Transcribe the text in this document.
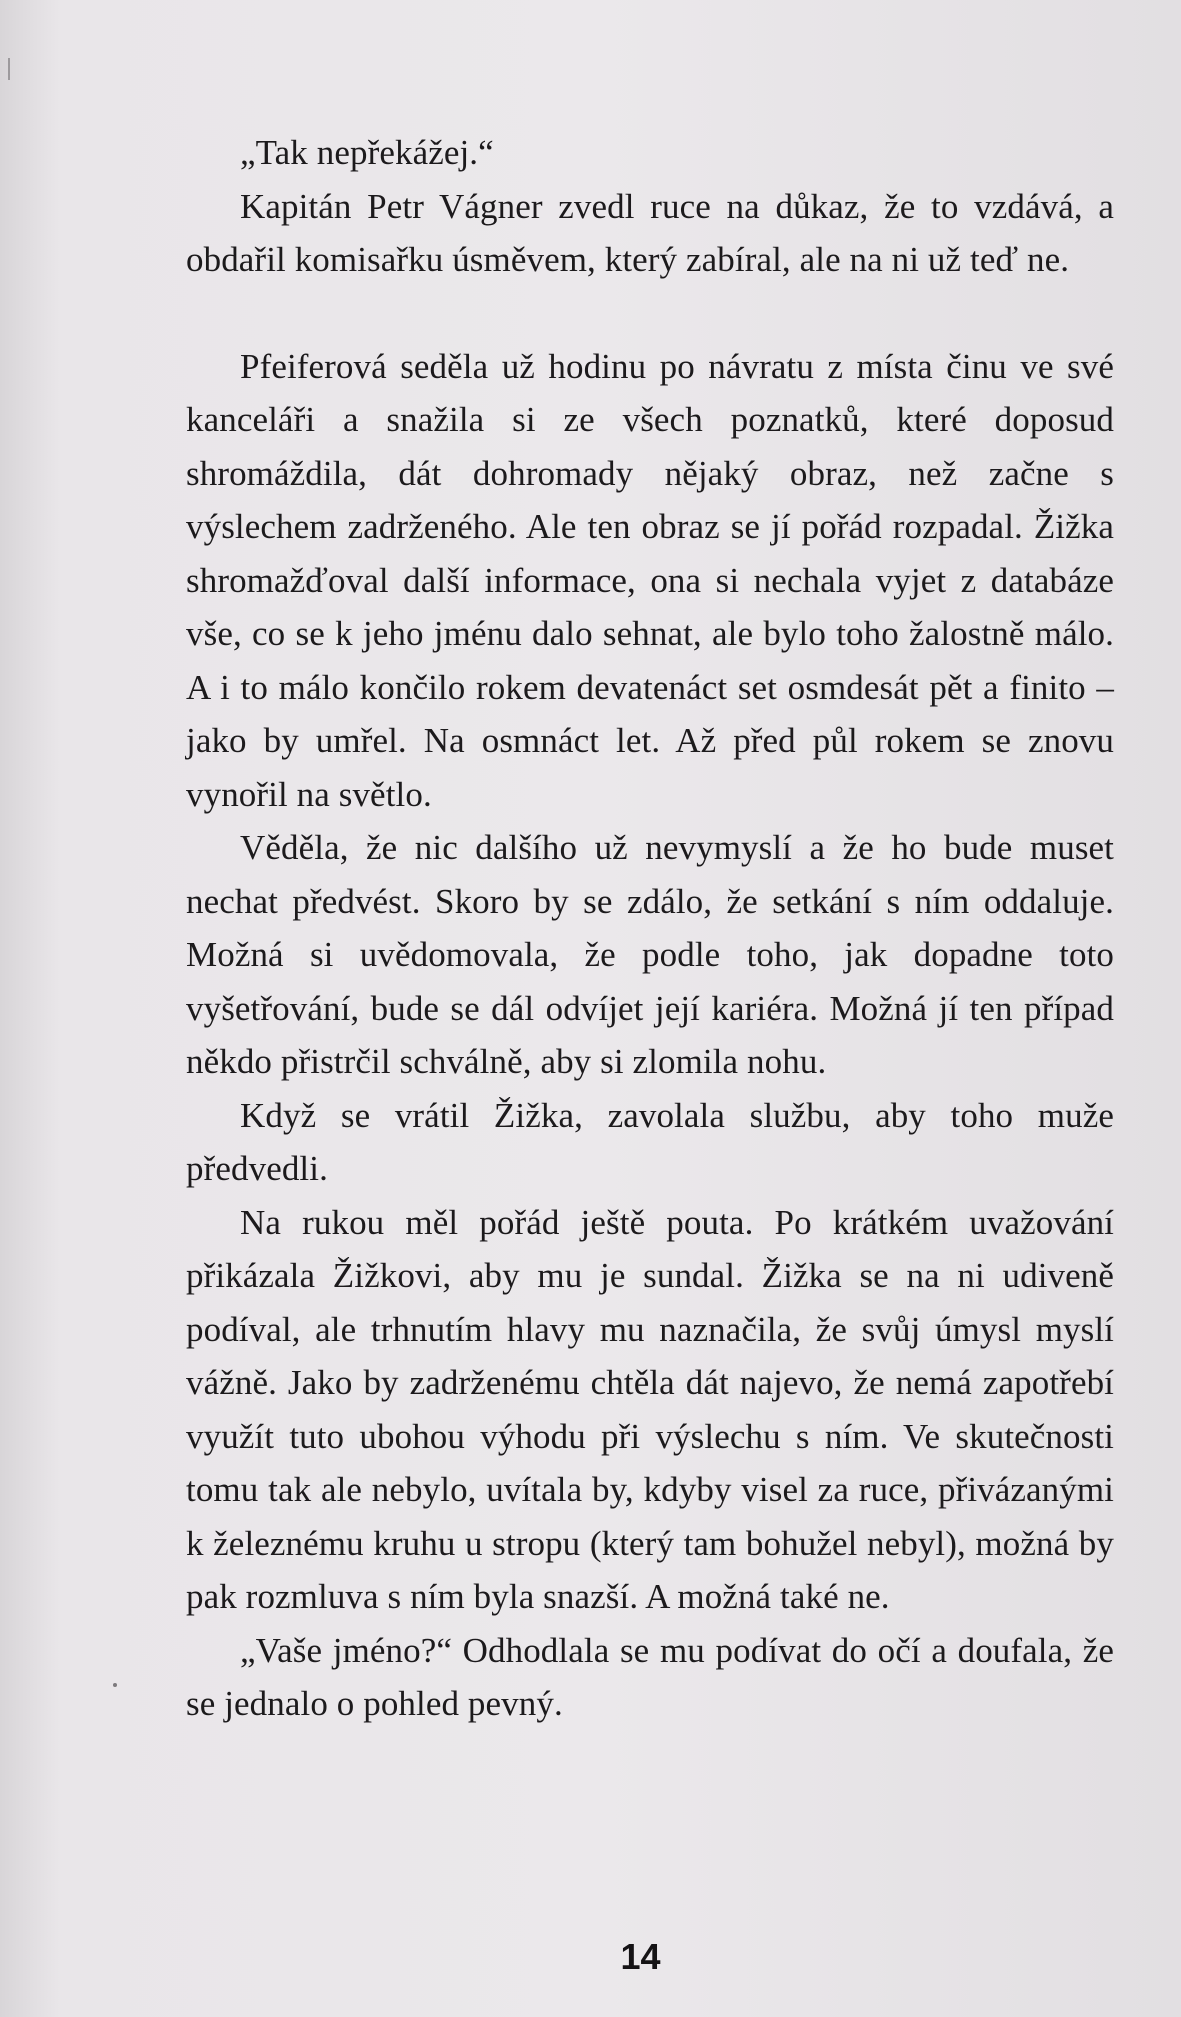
„Tak nepřekážej.“

Kapitán Petr Vágner zvedl ruce na důkaz, že to vzdává, a obdařil komisařku úsměvem, který zabíral, ale na ni už teď ne.

Pfeiferová seděla už hodinu po návratu z místa činu ve své kanceláři a snažila si ze všech poznatků, které doposud shromáždila, dát dohromady nějaký obraz, než začne s výslechem zadrženého. Ale ten obraz se jí pořád rozpadal. Žižka shromažďoval další informace, ona si nechala vyjet z databáze vše, co se k jeho jménu dalo sehnat, ale bylo toho žalostně málo. A i to málo končilo rokem devatenáct set osmdesát pět a finito – jako by umřel. Na osmnáct let. Až před půl rokem se znovu vynořil na světlo.

Věděla, že nic dalšího už nevymyslí a že ho bude muset nechat předvést. Skoro by se zdálo, že setkání s ním oddaluje. Možná si uvědomovala, že podle toho, jak dopadne toto vyšetřování, bude se dál odvíjet její kariéra. Možná jí ten případ někdo přistrčil schválně, aby si zlomila nohu.

Když se vrátil Žižka, zavolala službu, aby toho muže předvedli.

Na rukou měl pořád ještě pouta. Po krátkém uvažování přikázala Žižkovi, aby mu je sundal. Žižka se na ni udiveně podíval, ale trhnutím hlavy mu naznačila, že svůj úmysl myslí vážně. Jako by zadrženému chtěla dát najevo, že nemá zapotřebí využít tuto ubohou výhodu při výslechu s ním. Ve skutečnosti tomu tak ale nebylo, uvítala by, kdyby visel za ruce, přivázanými k železnému kruhu u stropu (který tam bohužel nebyl), možná by pak rozmluva s ním byla snazší. A možná také ne.

„Vaše jméno?“ Odhodlala se mu podívat do očí a doufala, že se jednalo o pohled pevný.

14
